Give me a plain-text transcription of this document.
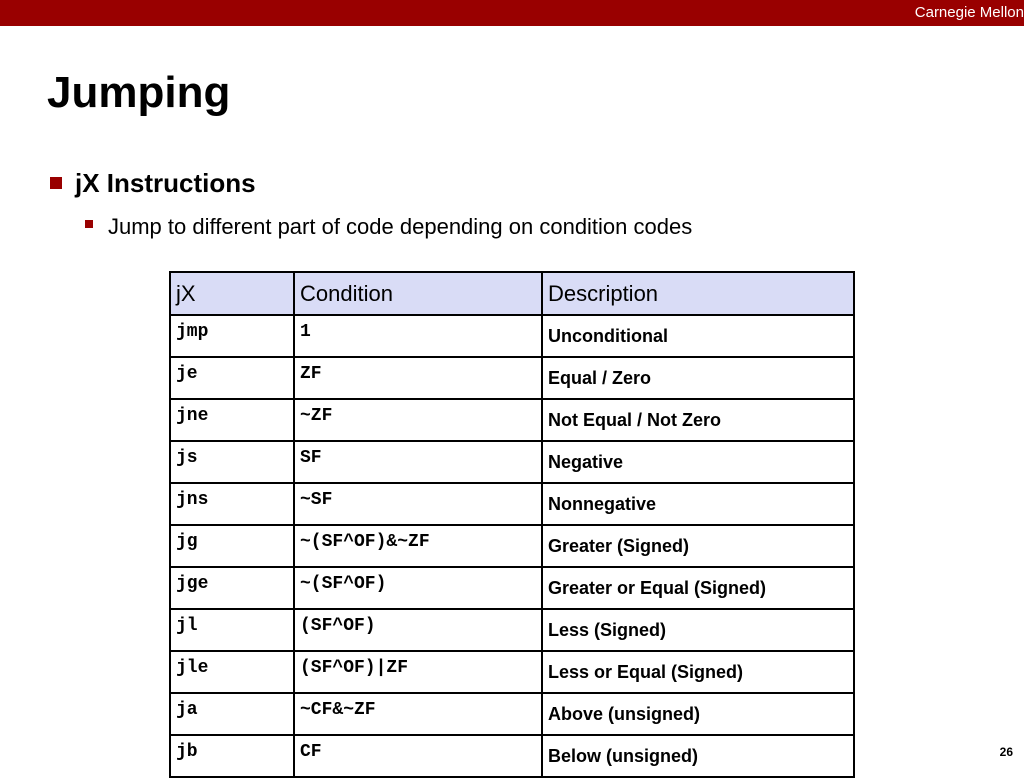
Carnegie Mellon
Jumping
jX Instructions
Jump to different part of code depending on condition codes
jX	Condition	Description
jmp	1	Unconditional
je	ZF	Equal / Zero
jne	~ZF	Not Equal / Not Zero
js	SF	Negative
jns	~SF	Nonnegative
jg	~(SF^OF)&~ZF	Greater (Signed)
jge	~(SF^OF)	Greater or Equal (Signed)
jl	(SF^OF)	Less (Signed)
jle	(SF^OF)|ZF	Less or Equal (Signed)
ja	~CF&~ZF	Above (unsigned)
jb	CF	Below (unsigned)	26
